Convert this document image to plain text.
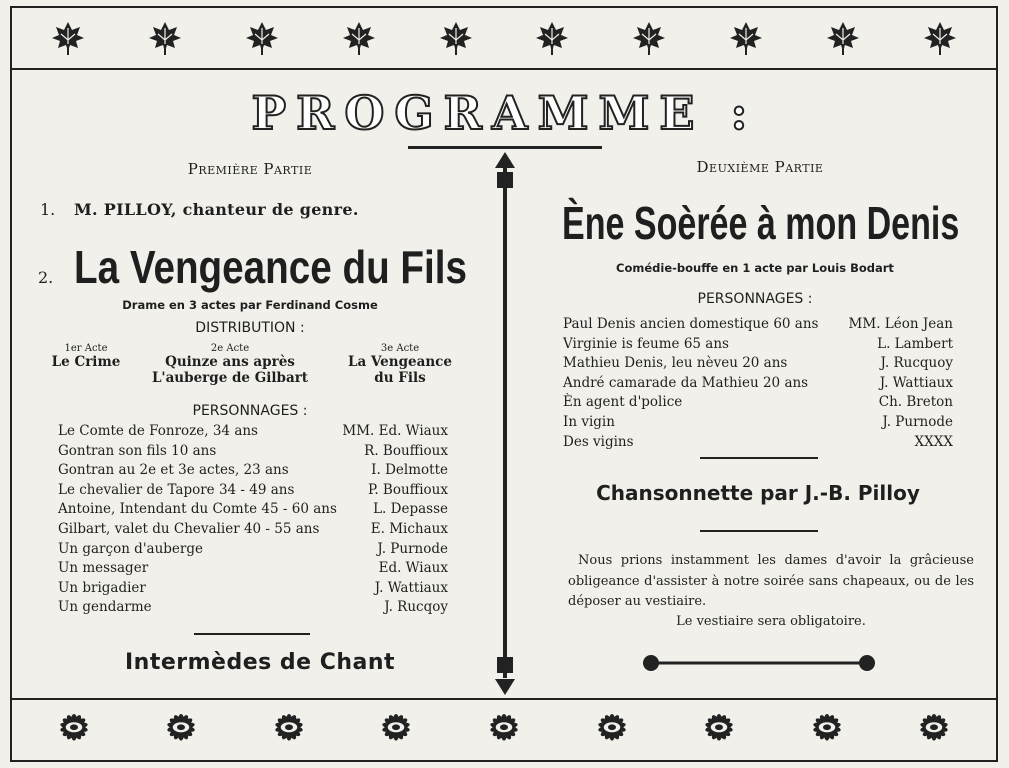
PROGRAMME :
Première Partie
1. M. PILLOY, chanteur de genre.
2. La Vengeance du Fils
Drame en 3 actes par Ferdinand Cosme
DISTRIBUTION :
1er Acte
Le Crime
2e Acte
Quinze ans après
L'auberge de Gilbart
3e Acte
La Vengeance
du Fils
PERSONNAGES :
Le Comte de Fonroze, 34 ans	MM. Ed. Wiaux
Gontran son fils 10 ans	R. Bouffioux
Gontran au 2e et 3e actes, 23 ans	I. Delmotte
Le chevalier de Tapore 34 - 49 ans	P. Bouffioux
Antoine, Intendant du Comte 45 - 60 ans	L. Depasse
Gilbart, valet du Chevalier 40 - 55 ans	E. Michaux
Un garçon d'auberge	J. Purnode
Un messager	Ed. Wiaux
Un brigadier	J. Wattiaux
Un gendarme	J. Rucqoy
Intermèdes de Chant
Deuxième Partie
Ène Soèrée à mon Denis
Comédie-bouffe en 1 acte par Louis Bodart
PERSONNAGES :
Paul Denis ancien domestique 60 ans MM. Léon Jean
Virginie is feume 65 ans	L. Lambert
Mathieu Denis, leu nèveu 20 ans	J. Rucquoy
André camarade da Mathieu 20 ans	J. Wattiaux
Èn agent d'police	Ch. Breton
In vigin	J. Purnode
Des vigins	XXXX
Chansonnette par J.-B. Pilloy
Nous prions instamment les dames d'avoir la grâcieuse obligeance d'assister à notre soirée sans chapeaux, ou de les déposer au vestiaire.
Le vestiaire sera obligatoire.
